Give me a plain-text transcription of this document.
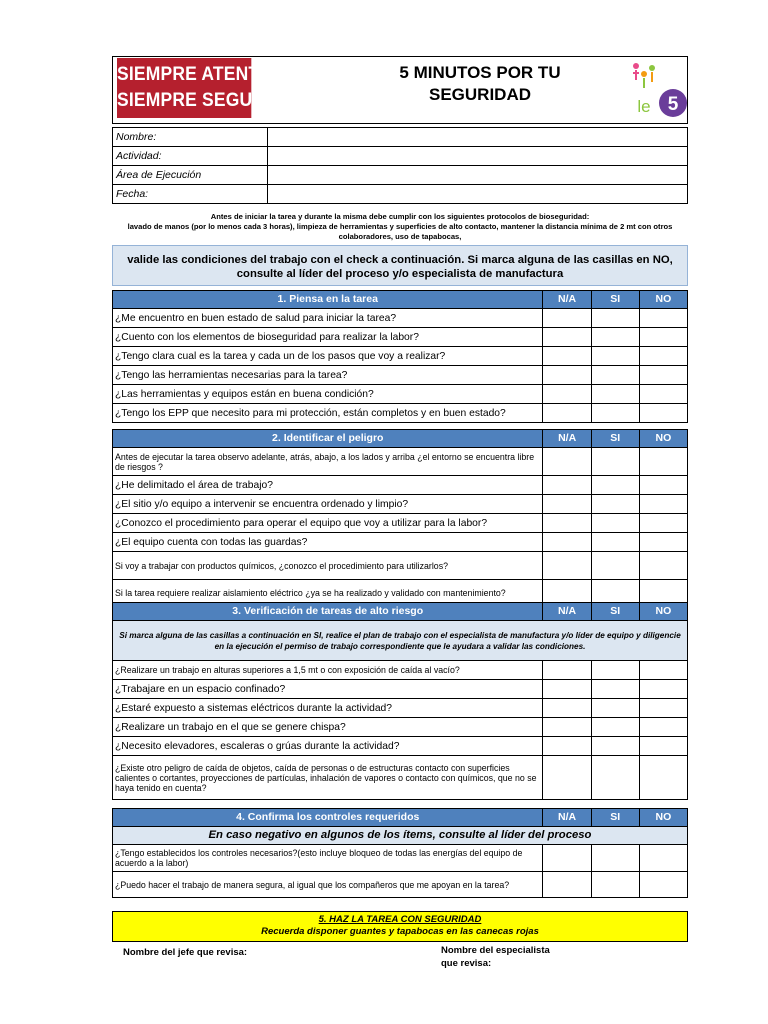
SIEMPRE ATENTO
SIEMPRE SEGURO
5 MINUTOS POR TU
SEGURIDAD	5
le
Nombre:	
Actividad:	
Área de Ejecución	
Fecha:	
Antes de iniciar la tarea y durante la misma debe cumplir con los siguientes protocolos de bioseguridad:
lavado de manos (por lo menos cada 3 horas), limpieza de herramientas y superficies de alto contacto, mantener la distancia mínima de 2 mt con otros
colaboradores, uso de tapabocas,
valide las condiciones del trabajo con el check a continuación. Si marca alguna de las casillas en NO, consulte al líder del proceso y/o especialista de manufactura
1. Piensa en la tarea	N/A	SI	NO
¿Me encuentro en buen estado de salud para iniciar la tarea?			
¿Cuento con los elementos de bioseguridad para realizar la labor?			
¿Tengo clara cual es la tarea y cada un de los pasos que voy a realizar?			
¿Tengo las herramientas necesarias para la tarea?			
¿Las herramientas y equipos están en buena condición?			
¿Tengo los EPP que necesito para mi protección, están completos y en buen estado?			
2. Identificar el peligro	N/A	SI	NO
Antes de ejecutar la tarea observo adelante, atrás, abajo, a los lados y arriba ¿el entorno se encuentra libre de riesgos ?			
¿He delimitado el área de trabajo?			
¿El sitio y/o equipo a intervenir se encuentra ordenado y limpio?			
¿Conozco el procedimiento para operar el equipo que voy a utilizar para la labor?			
¿El equipo cuenta con todas las guardas?			
Si voy a trabajar con productos químicos, ¿conozco el procedimiento para utilizarlos?			
Si la tarea requiere realizar aislamiento eléctrico ¿ya se ha realizado y validado con mantenimiento?			
3. Verificación de tareas de alto riesgo	N/A	SI	NO
Si marca alguna de las casillas a continuación en SI, realice el plan de trabajo con el especialista de manufactura y/o líder de equipo y diligencie en la ejecución el permiso de trabajo correspondiente que le ayudara a validar las condiciones.			
¿Realizare un trabajo en alturas superiores a 1,5 mt o con exposición de caída al vacío?			
¿Trabajare en un espacio confinado?			
¿Estaré expuesto a sistemas eléctricos durante la actividad?			
¿Realizare un trabajo en el que se genere chispa?			
¿Necesito elevadores, escaleras o grúas durante la actividad?			
¿Existe otro peligro de caída de objetos, caída de personas o de estructuras contacto con superficies calientes o cortantes, proyecciones de partículas, inhalación de vapores o contacto con químicos, que no se haya tenido en cuenta?			
4. Confirma los controles requeridos	N/A	SI	NO
En caso negativo en algunos de los ítems, consulte al líder del proceso			
¿Tengo establecidos los controles necesarios?(esto incluye bloqueo de todas las energías del equipo de acuerdo a la labor)			
¿Puedo hacer el trabajo de manera segura, al igual que los compañeros que me apoyan en la tarea?			
5. HAZ LA TAREA CON SEGURIDAD
Recuerda disponer guantes y tapabocas en las canecas rojas
Nombre del jefe que revisa:	Nombre del especialista
que revisa:
